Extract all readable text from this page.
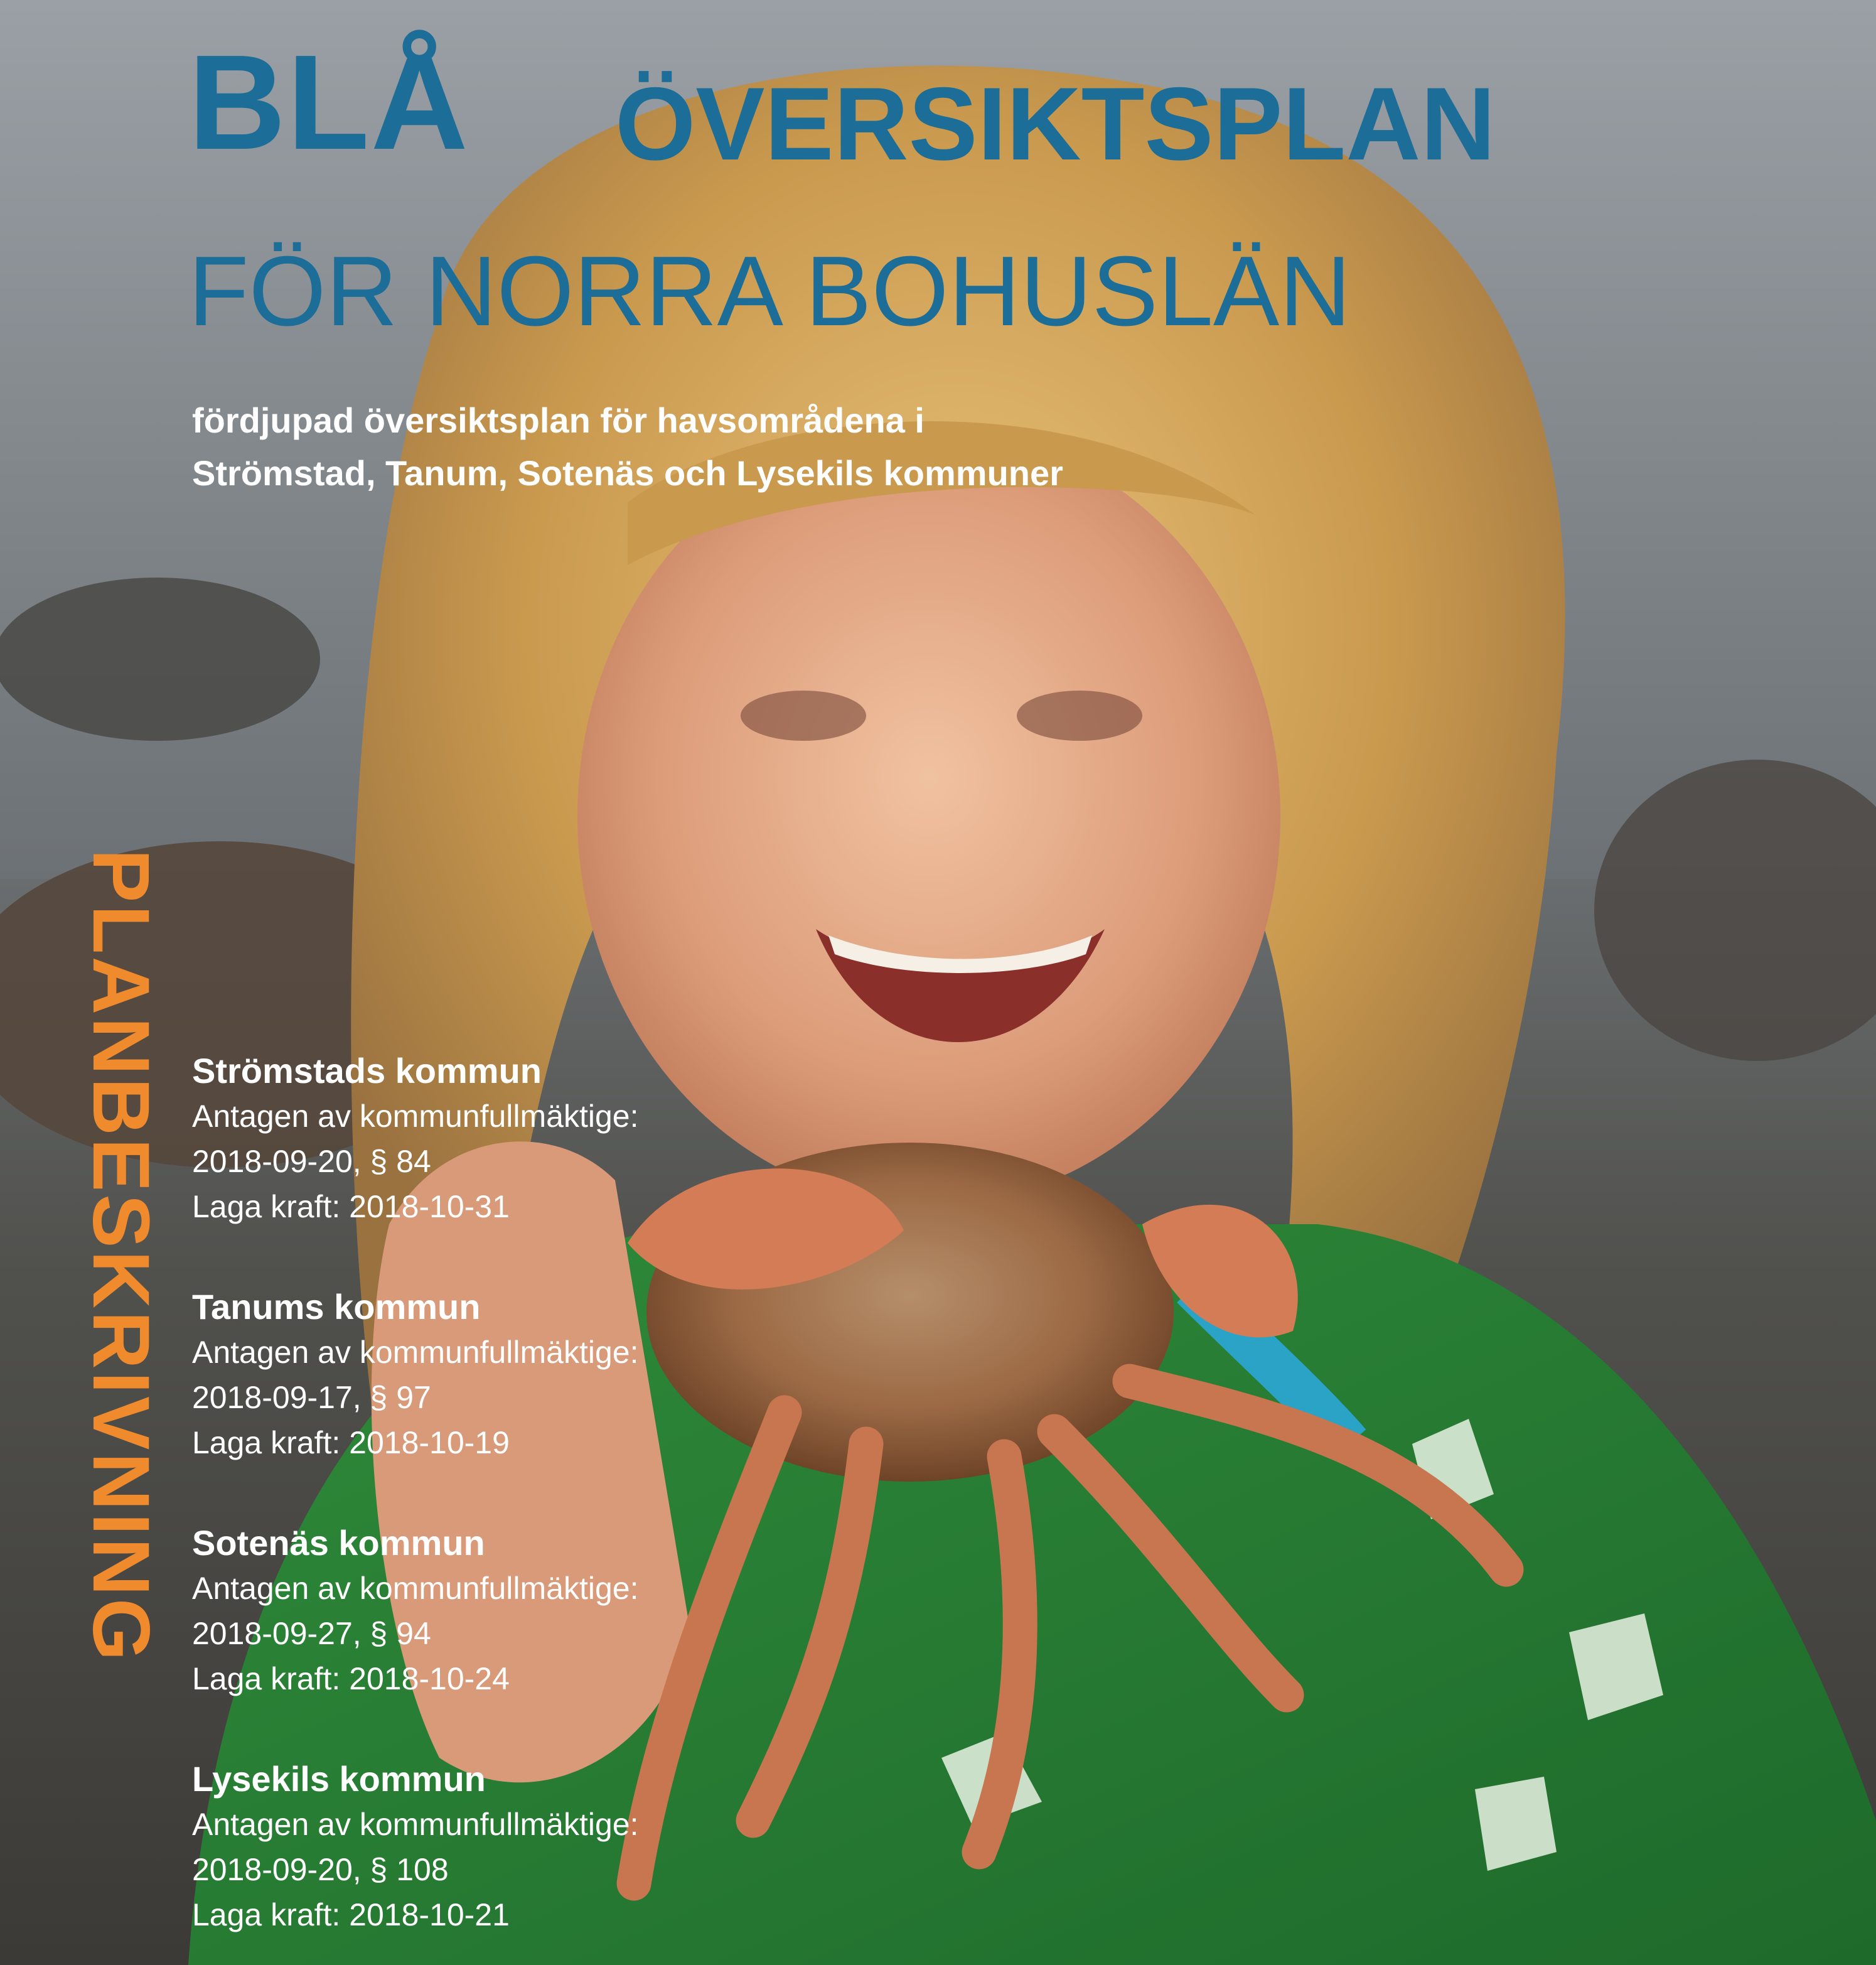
BLÅ ÖVERSIKTSPLAN
FÖR NORRA BOHUSLÄN
fördjupad översiktsplan för havsområdena i
Strömstad, Tanum, Sotenäs och Lysekils kommuner
PLANBESKRIVNING Strömstads kommun
Antagen av kommunfullmäktige:
2018-09-20, § 84
Laga kraft: 2018-10-31
Tanums kommun
Antagen av kommunfullmäktige:
2018-09-17, § 97
Laga kraft: 2018-10-19
Sotenäs kommun
Antagen av kommunfullmäktige:
2018-09-27, § 94
Laga kraft: 2018-10-24
Lysekils kommun
Antagen av kommunfullmäktige:
2018-09-20, § 108
Laga kraft: 2018-10-21
